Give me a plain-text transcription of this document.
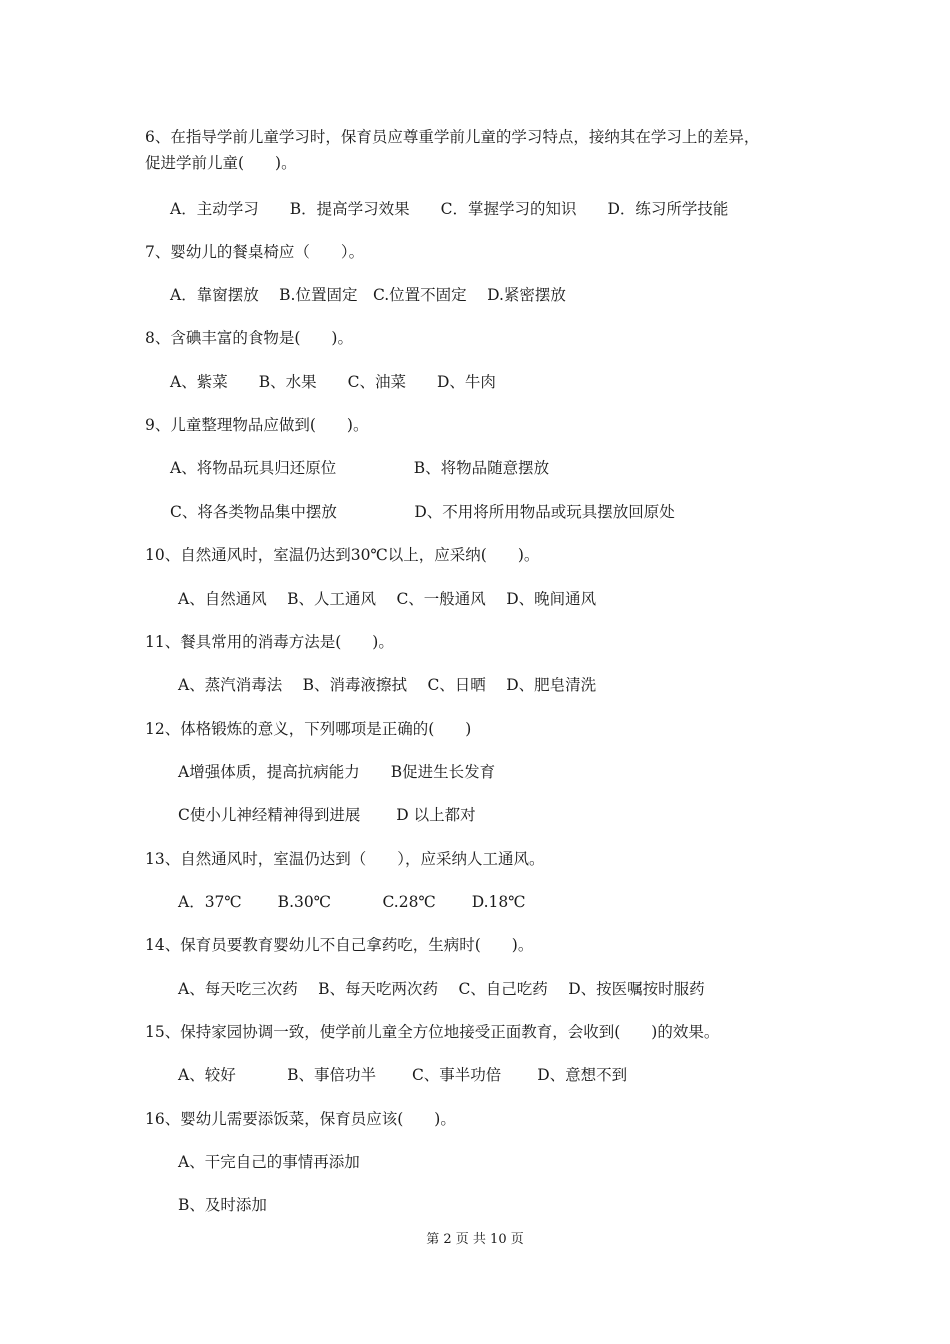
6、在指导学前儿童学习时，保育员应尊重学前儿童的学习特点，接纳其在学习上的差异，
促进学前儿童(　　)。
A．主动学习　　B．提高学习效果　　C．掌握学习的知识　　D．练习所学技能
7、婴幼儿的餐桌椅应（　　）。
A．靠窗摆放　 B.位置固定　C.位置不固定　 D.紧密摆放
8、含碘丰富的食物是(　　)。
A、紫菜　　B、水果　　C、油菜　　D、牛肉
9、儿童整理物品应做到(　　)。
A、将物品玩具归还原位　　　　　B、将物品随意摆放
C、将各类物品集中摆放　　　　　D、不用将所用物品或玩具摆放回原处
10、自然通风时，室温仍达到30℃以上，应采纳(　　)。
A、自然通风　 B、人工通风　 C、一般通风　 D、晚间通风
11、餐具常用的消毒方法是(　　)。
A、蒸汽消毒法　 B、消毒液擦拭　 C、日晒　 D、肥皂清洗
12、体格锻炼的意义，下列哪项是正确的(　　)
A增强体质，提高抗病能力　　B促进生长发育
C使小儿神经精神得到进展　　 D 以上都对
13、自然通风时，室温仍达到（　　），应采纳人工通风。
A．37℃　　 B.30℃　　　 C.28℃　　 D.18℃
14、保育员要教育婴幼儿不自己拿药吃，生病时(　　)。
A、每天吃三次药　 B、每天吃两次药　 C、自己吃药　 D、按医嘱按时服药
15、保持家园协调一致，使学前儿童全方位地接受正面教育，会收到(　　)的效果。
A、较好　　　 B、事倍功半　　 C、事半功倍　　 D、意想不到
16、婴幼儿需要添饭菜，保育员应该(　　)。
A、干完自己的事情再添加
B、及时添加
第 2 页 共 10 页
